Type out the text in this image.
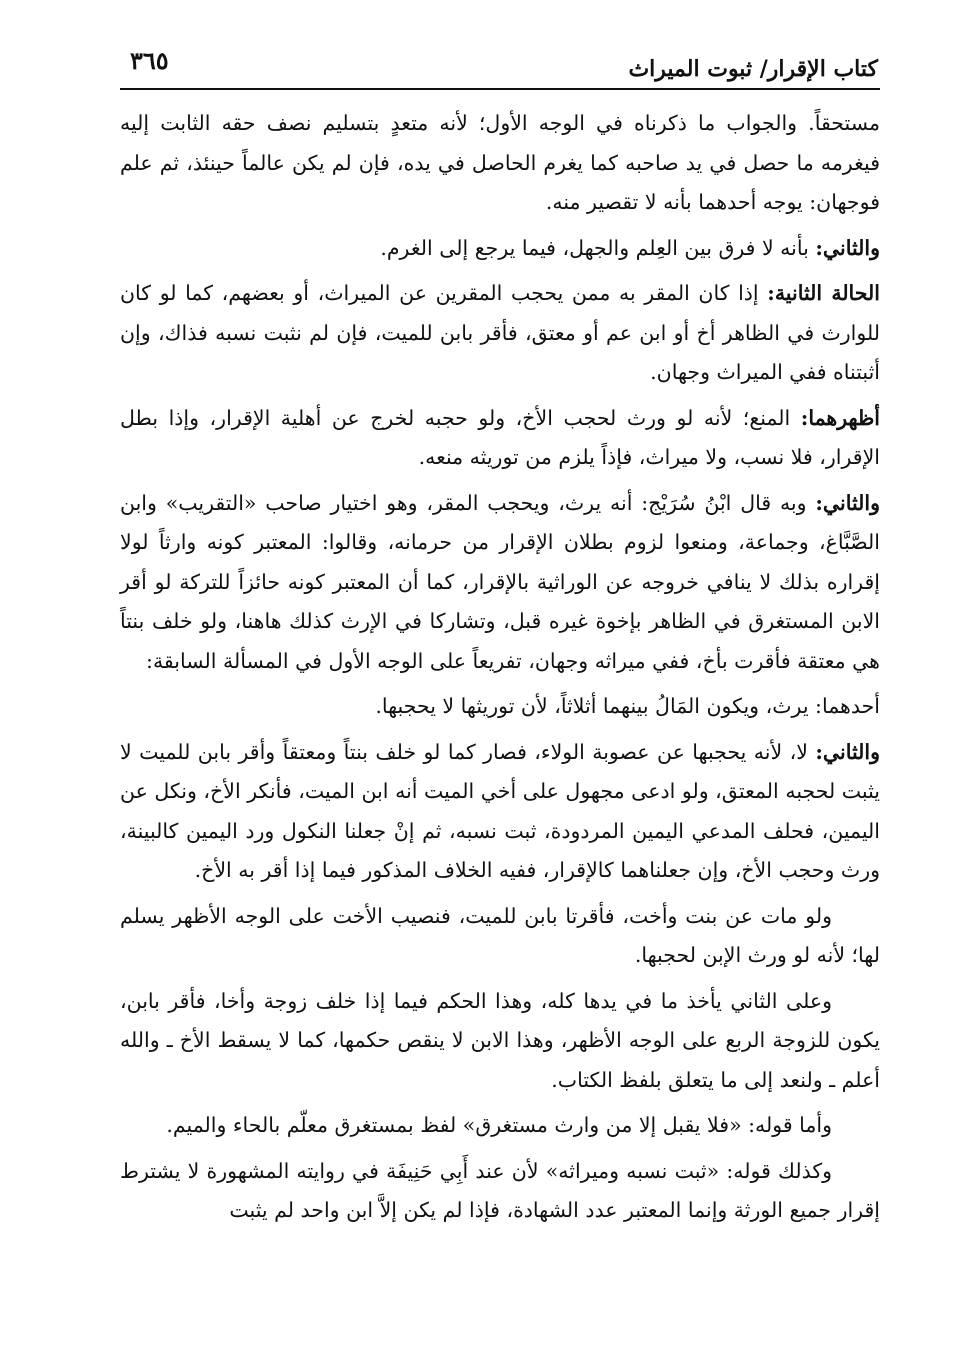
كتاب الإقرار/ ثبوت الميراث
٣٦٥

مستحقاً. والجواب ما ذكرناه في الوجه الأول؛ لأنه متعدٍ بتسليم نصف حقه الثابت إليه فيغرمه ما حصل في يد صاحبه كما يغرم الحاصل في يده، فإن لم يكن عالماً حينئذ، ثم علم فوجهان: يوجه أحدهما بأنه لا تقصير منه.

والثاني: بأنه لا فرق بين العِلم والجهل، فيما يرجع إلى الغرم.

الحالة الثانية: إذا كان المقر به ممن يحجب المقرين عن الميراث، أو بعضهم، كما لو كان للوارث في الظاهر أخ أو ابن عم أو معتق، فأقر بابن للميت، فإن لم نثبت نسبه فذاك، وإن أثبتناه ففي الميراث وجهان.

أظهرهما: المنع؛ لأنه لو ورث لحجب الأخ، ولو حجبه لخرج عن أهلية الإقرار، وإذا بطل الإقرار، فلا نسب، ولا ميراث، فإذاً يلزم من توريثه منعه.

والثاني: وبه قال ابْنُ سُرَيْج: أنه يرث، ويحجب المقر، وهو اختيار صاحب «التقريب» وابن الصَّبَّاغ، وجماعة، ومنعوا لزوم بطلان الإقرار من حرمانه، وقالوا: المعتبر كونه وارثاً لولا إقراره بذلك لا ينافي خروجه عن الوراثية بالإقرار، كما أن المعتبر كونه حائزاً للتركة لو أقر الابن المستغرق في الظاهر بإخوة غيره قبل، وتشاركا في الإرث كذلك هاهنا، ولو خلف بنتاً هي معتقة فأقرت بأخ، ففي ميراثه وجهان، تفريعاً على الوجه الأول في المسألة السابقة:

أحدهما: يرث، ويكون المَالُ بينهما أثلاثاً، لأن توريثها لا يحجبها.

والثاني: لا، لأنه يحجبها عن عصوبة الولاء، فصار كما لو خلف بنتاً ومعتقاً وأقر بابن للميت لا يثبت لحجبه المعتق، ولو ادعى مجهول على أخي الميت أنه ابن الميت، فأنكر الأخ، ونكل عن اليمين، فحلف المدعي اليمين المردودة، ثبت نسبه، ثم إنْ جعلنا النكول ورد اليمين كالبينة، ورث وحجب الأخ، وإن جعلناهما كالإقرار، ففيه الخلاف المذكور فيما إذا أقر به الأخ.

ولو مات عن بنت وأخت، فأقرتا بابن للميت، فنصيب الأخت على الوجه الأظهر يسلم لها؛ لأنه لو ورث الإبن لحجبها.

وعلى الثاني يأخذ ما في يدها كله، وهذا الحكم فيما إذا خلف زوجة وأخا، فأقر بابن، يكون للزوجة الربع على الوجه الأظهر، وهذا الابن لا ينقص حكمها، كما لا يسقط الأخ ـ والله أعلم ـ ولنعد إلى ما يتعلق بلفظ الكتاب.

وأما قوله: «فلا يقبل إلا من وارث مستغرق» لفظ بمستغرق معلّم بالحاء والميم.

وكذلك قوله: «ثبت نسبه وميراثه» لأن عند أَبِي حَنِيفَة في روايته المشهورة لا يشترط إقرار جميع الورثة وإنما المعتبر عدد الشهادة، فإذا لم يكن إلاَّ ابن واحد لم يثبت
